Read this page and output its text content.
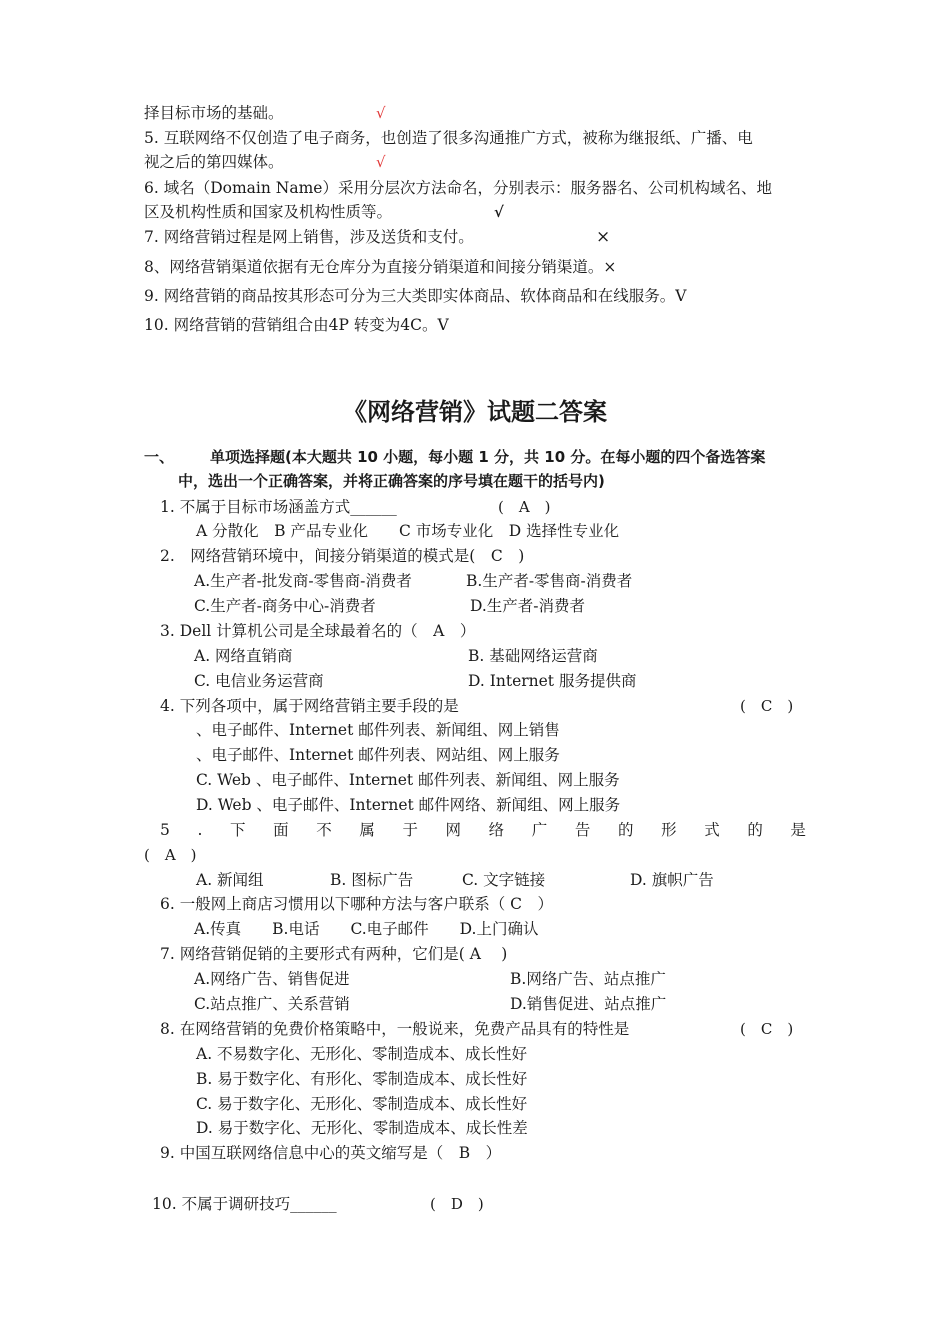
择目标市场的基础。	√
5. 互联网络不仅创造了电子商务，也创造了很多沟通推广方式，被称为继报纸、广播、电
视之后的第四媒体。	√
6. 域名（Domain Name）采用分层次方法命名，分别表示：服务器名、公司机构域名、地
区及机构性质和国家及机构性质等。	√
7. 网络营销过程是网上销售，涉及送货和支付。	×
8、网络营销渠道依据有无仓库分为直接分销渠道和间接分销渠道。×
9. 网络营销的商品按其形态可分为三大类即实体商品、软体商品和在线服务。V
10. 网络营销的营销组合由4P 转变为4C。V
《网络营销》试题二答案
一、 单项选择题(本大题共 10 小题，每小题 1 分，共 10 分。在每小题的四个备选答案
中，选出一个正确答案，并将正确答案的序号填在题干的括号内)
1. 不属于目标市场涵盖方式______	(　A　)
A 分散化　B 产品专业化　　C 市场专业化　D 选择性专业化
2.　网络营销环境中，间接分销渠道的模式是(　C　)
A.生产者-批发商-零售商-消费者	B.生产者-零售商-消费者
C.生产者-商务中心-消费者	D.生产者-消费者
3. Dell 计算机公司是全球最着名的（　A　）
A. 网络直销商	B. 基础网络运营商
C. 电信业务运营商	D. Internet 服务提供商
4. 下列各项中，属于网络营销主要手段的是	(　C　)
、电子邮件、Internet 邮件列表、新闻组、网上销售
、电子邮件、Internet 邮件列表、网站组、网上服务
C. Web 、电子邮件、Internet 邮件列表、新闻组、网上服务
D. Web 、电子邮件、Internet 邮件网络、新闻组、网上服务
5 . 下 面 不 属 于 网 络 广 告 的 形 式 的 是
(　A　)
A. 新闻组	B. 图标广告	C. 文字链接	D. 旗帜广告
6. 一般网上商店习惯用以下哪种方法与客户联系（ C　）
A.传真　　B.电话　　C.电子邮件　　D.上门确认
7. 网络营销促销的主要形式有两种，它们是( A　 )
A.网络广告、销售促进	B.网络广告、站点推广
C.站点推广、关系营销	D.销售促进、站点推广
8. 在网络营销的免费价格策略中，一般说来，免费产品具有的特性是	(　C　)
A. 不易数字化、无形化、零制造成本、成长性好
B. 易于数字化、有形化、零制造成本、成长性好
C. 易于数字化、无形化、零制造成本、成长性好
D. 易于数字化、无形化、零制造成本、成长性差
9. 中国互联网络信息中心的英文缩写是（　B　）
10. 不属于调研技巧______	(　D　)
